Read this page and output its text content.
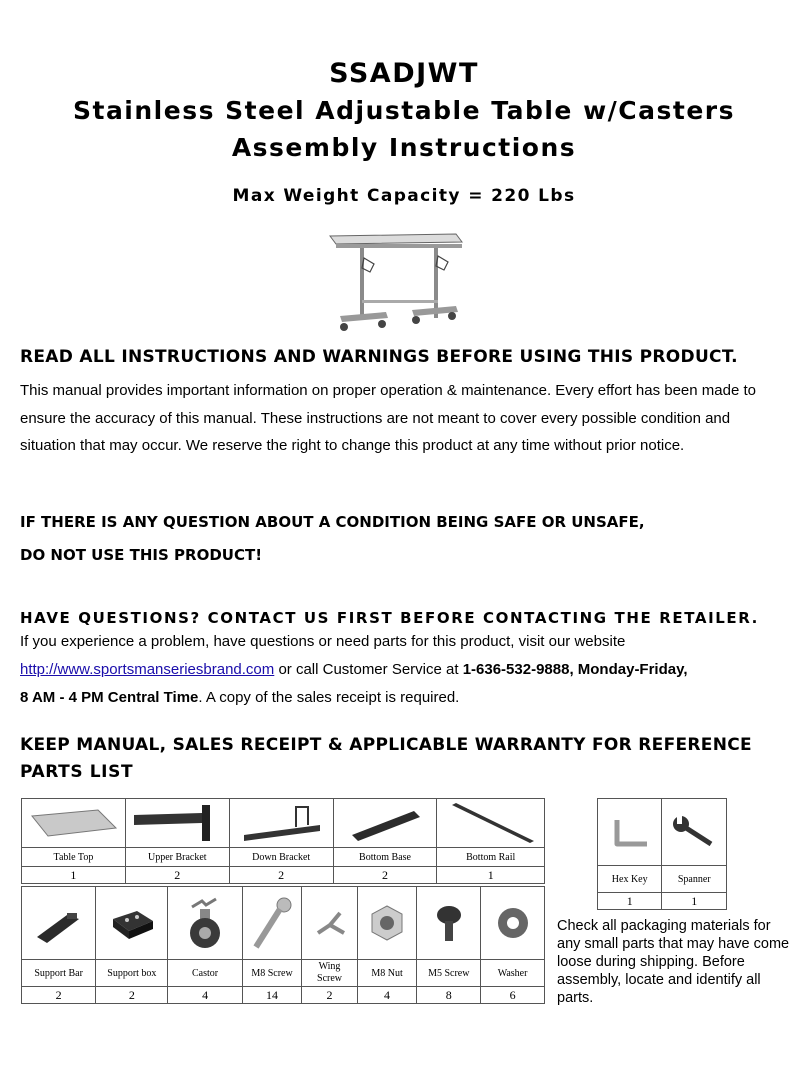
SSADJWT
Stainless Steel Adjustable Table w/Casters
Assembly Instructions
Max Weight Capacity = 220 Lbs
READ ALL INSTRUCTIONS AND WARNINGS BEFORE USING THIS PRODUCT.
This manual provides important information on proper operation & maintenance. Every effort has been made to ensure the accuracy of this manual. These instructions are not meant to cover every possible condition and situation that may occur. We reserve the right to change this product at any time without prior notice.
IF THERE IS ANY QUESTION ABOUT A CONDITION BEING SAFE OR UNSAFE,
DO NOT USE THIS PRODUCT!
HAVE QUESTIONS? CONTACT US FIRST BEFORE CONTACTING THE RETAILER.
If you experience a problem, have questions or need parts for this product, visit our website
http://www.sportsmanseriesbrand.com or call Customer Service at 1-636-532-9888, Monday-Friday,
8 AM - 4 PM Central Time. A copy of the sales receipt is required.
KEEP MANUAL, SALES RECEIPT & APPLICABLE WARRANTY FOR REFERENCE
PARTS LIST

Table Top	Upper Bracket	Down Bracket	Bottom Base	Bottom Rail
1	2	2	2	1

Support Bar	Support box	Castor	M8 Screw	Wing Screw	M8 Nut	M5 Screw	Washer
2	2	4	14	2	4	8	6

Hex Key	Spanner
1	1
Check all packaging materials for any small parts that may have come loose during shipping. Before assembly, locate and identify all parts.
